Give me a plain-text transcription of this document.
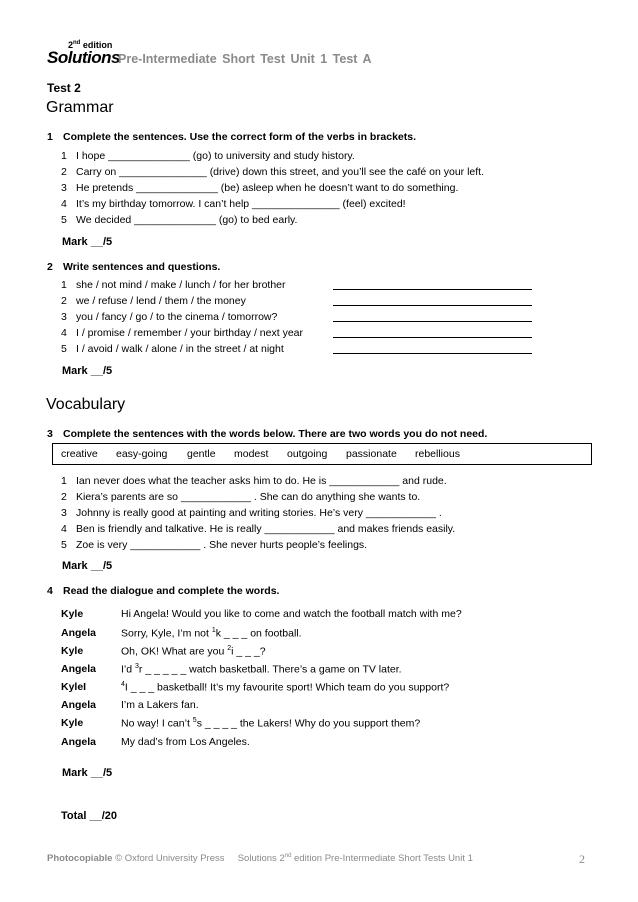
2nd edition
Solutions
Pre-Intermediate Short Test Unit 1 Test A
Test 2
Grammar
1 Complete the sentences. Use the correct form of the verbs in brackets.
1 I hope ______________ (go) to university and study history.
2 Carry on _______________ (drive) down this street, and you’ll see the café on your left.
3 He pretends ______________ (be) asleep when he doesn’t want to do something.
4 It’s my birthday tomorrow. I can’t help _______________ (feel) excited!
5 We decided ______________ (go) to bed early.
Mark __/5
2 Write sentences and questions.
1 she / not mind / make / lunch / for her brother
2 we / refuse / lend / them / the money
3 you / fancy / go / to the cinema / tomorrow?
4 I / promise / remember / your birthday / next year
5 I / avoid / walk / alone / in the street / at night
Mark __/5
Vocabulary
3 Complete the sentences with the words below. There are two words you do not need.
creative easy-going gentle modest outgoing passionate rebellious
1 Ian never does what the teacher asks him to do. He is ____________ and rude.
2 Kiera’s parents are so ____________ . She can do anything she wants to.
3 Johnny is really good at painting and writing stories. He’s very ____________ .
4 Ben is friendly and talkative. He is really ____________ and makes friends easily.
5 Zoe is very ____________ . She never hurts people’s feelings.
Mark __/5
4 Read the dialogue and complete the words.
Kyle	Hi Angela! Would you like to come and watch the football match with me?
Angela Sorry, Kyle, I’m not $^1$k _ _ _ on football.
Kyle	Oh, OK! What are you $^2$i _ _ _?
Angela I’d $^3$r _ _ _ _ _ watch basketball. There’s a game on TV later.
KyleI	$^4$I _ _ _ basketball! It’s my favourite sport! Which team do you support?
Angela I’m a Lakers fan.
Kyle	No way! I can’t $^5$s _ _ _ _ the Lakers! Why do you support them?
Angela My dad’s from Los Angeles.
Mark __/5
Total __/20
Photocopiable © Oxford University Press Solutions 2nd edition Pre-Intermediate Short Tests Unit 1	2
